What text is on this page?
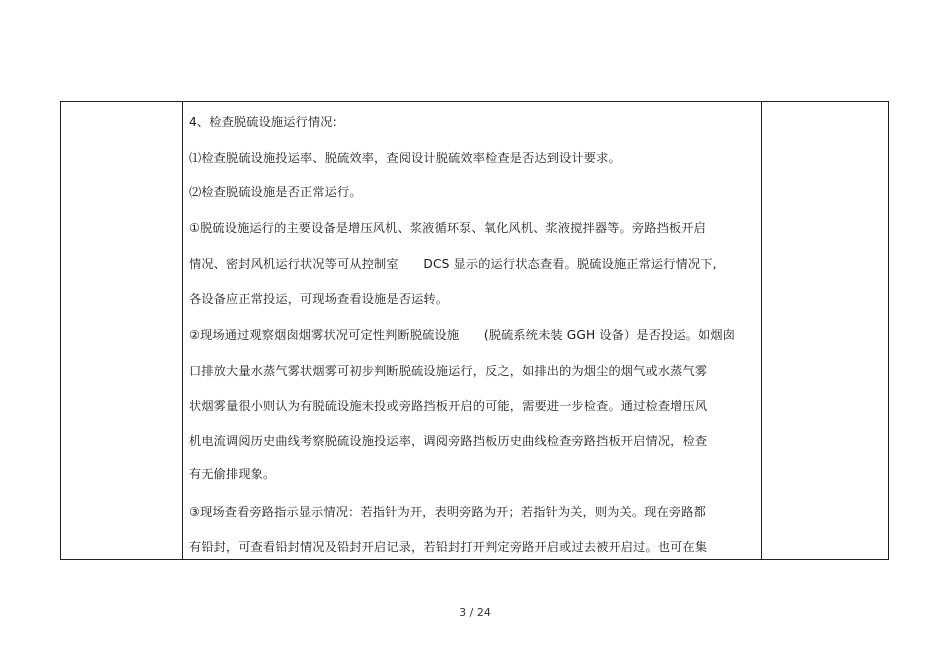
4、检查脱硫设施运行情况:
⑴检查脱硫设施投运率、脱硫效率，查阅设计脱硫效率检查是否达到设计要求。
⑵检查脱硫设施是否正常运行。
①脱硫设施运行的主要设备是增压风机、浆液循环泵、氧化风机、浆液搅拌器等。旁路挡板开启
情况、密封风机运行状况等可从控制室　　DCS 显示的运行状态查看。脱硫设施正常运行情况下,
各设备应正常投运，可现场查看设施是否运转。
②现场通过观察烟囱烟雾状况可定性判断脱硫设施　　(脱硫系统未装 GGH 设备）是否投运。如烟囱
口排放大量水蒸气雾状烟雾可初步判断脱硫设施运行，反之，如排出的为烟尘的烟气或水蒸气雾
状烟雾量很小则认为有脱硫设施未投或旁路挡板开启的可能，需要进一步检查。通过检查增压风
机电流调阅历史曲线考察脱硫设施投运率，调阅旁路挡板历史曲线检查旁路挡板开启情况，检查
有无偷排现象。
③现场查看旁路指示显示情况：若指针为开，表明旁路为开；若指针为关，则为关。现在旁路都
有铅封，可查看铅封情况及铅封开启记录，若铅封打开判定旁路开启或过去被开启过。也可在集
3 / 24
